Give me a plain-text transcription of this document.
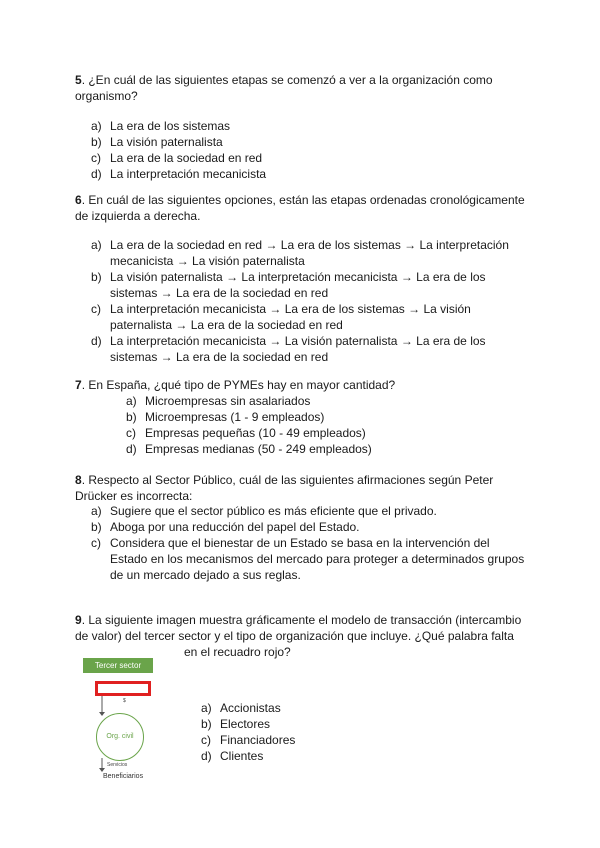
5. ¿En cuál de las siguientes etapas se comenzó a ver a la organización como
organismo?
a) La era de los sistemas
b) La visión paternalista
c) La era de la sociedad en red
d) La interpretación mecanicista
6. En cuál de las siguientes opciones, están las etapas ordenadas cronológicamente
de izquierda a derecha.
a) La era de la sociedad en red → La era de los sistemas → La interpretación
mecanicista → La visión paternalista
b) La visión paternalista → La interpretación mecanicista → La era de los
sistemas → La era de la sociedad en red
c) La interpretación mecanicista → La era de los sistemas → La visión
paternalista → La era de la sociedad en red
d) La interpretación mecanicista → La visión paternalista → La era de los
sistemas → La era de la sociedad en red
7. En España, ¿qué tipo de PYMEs hay en mayor cantidad?
a) Microempresas sin asalariados
b) Microempresas (1 - 9 empleados)
c) Empresas pequeñas (10 - 49 empleados)
d) Empresas medianas (50 - 249 empleados)
8. Respecto al Sector Público, cuál de las siguientes afirmaciones según Peter
Drücker es incorrecta:
a) Sugiere que el sector público es más eficiente que el privado.
b) Aboga por una reducción del papel del Estado.
c) Considera que el bienestar de un Estado se basa en la intervención del
Estado en los mecanismos del mercado para proteger a determinados grupos
de un mercado dejado a sus reglas.
9. La siguiente imagen muestra gráficamente el modelo de transacción (intercambio
de valor) del tercer sector y el tipo de organización que incluye. ¿Qué palabra falta
en el recuadro rojo?
Tercer sector
$
Org. civil
Servicios
Beneficiarios
a) Accionistas
b) Electores
c) Financiadores
d) Clientes
